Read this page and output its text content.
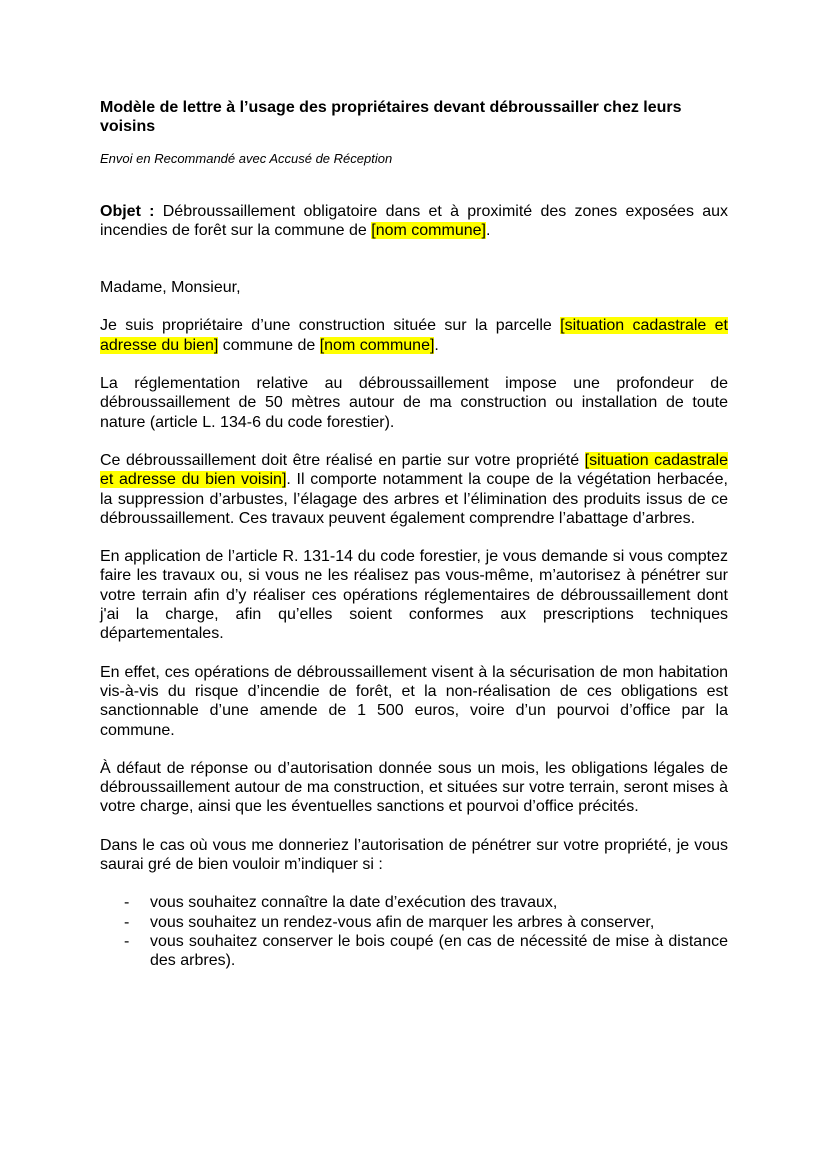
Modèle de lettre à l’usage des propriétaires devant débroussailler chez leurs voisins

Envoi en Recommandé avec Accusé de Réception

Objet : Débroussaillement obligatoire dans et à proximité des zones exposées aux incendies de forêt sur la commune de [nom commune].

Madame, Monsieur,

Je suis propriétaire d’une construction située sur la parcelle [situation cadastrale et adresse du bien] commune de [nom commune].

La réglementation relative au débroussaillement impose une profondeur de débroussaillement de 50 mètres autour de ma construction ou installation de toute nature (article L. 134-6 du code forestier).

Ce débroussaillement doit être réalisé en partie sur votre propriété [situation cadastrale et adresse du bien voisin]. Il comporte notamment la coupe de la végétation herbacée, la suppression d’arbustes, l’élagage des arbres et l’élimination des produits issus de ce débroussaillement. Ces travaux peuvent également comprendre l’abattage d’arbres.

En application de l’article R. 131-14 du code forestier, je vous demande si vous comptez faire les travaux ou, si vous ne les réalisez pas vous-même, m’autorisez à pénétrer sur votre terrain afin d’y réaliser ces opérations réglementaires de débroussaillement dont j'ai la charge, afin qu’elles soient conformes aux prescriptions techniques départementales.

En effet, ces opérations de débroussaillement visent à la sécurisation de mon habitation vis-à-vis du risque d’incendie de forêt, et la non-réalisation de ces obligations est sanctionnable d’une amende de 1 500 euros, voire d’un pourvoi d’office par la commune.

À défaut de réponse ou d’autorisation donnée sous un mois, les obligations légales de débroussaillement autour de ma construction, et situées sur votre terrain, seront mises à votre charge, ainsi que les éventuelles sanctions et pourvoi d’office précités.

Dans le cas où vous me donneriez l’autorisation de pénétrer sur votre propriété, je vous saurai gré de bien vouloir m’indiquer si :

- vous souhaitez connaître la date d’exécution des travaux,
- vous souhaitez un rendez-vous afin de marquer les arbres à conserver,
- vous souhaitez conserver le bois coupé (en cas de nécessité de mise à distance des arbres).
